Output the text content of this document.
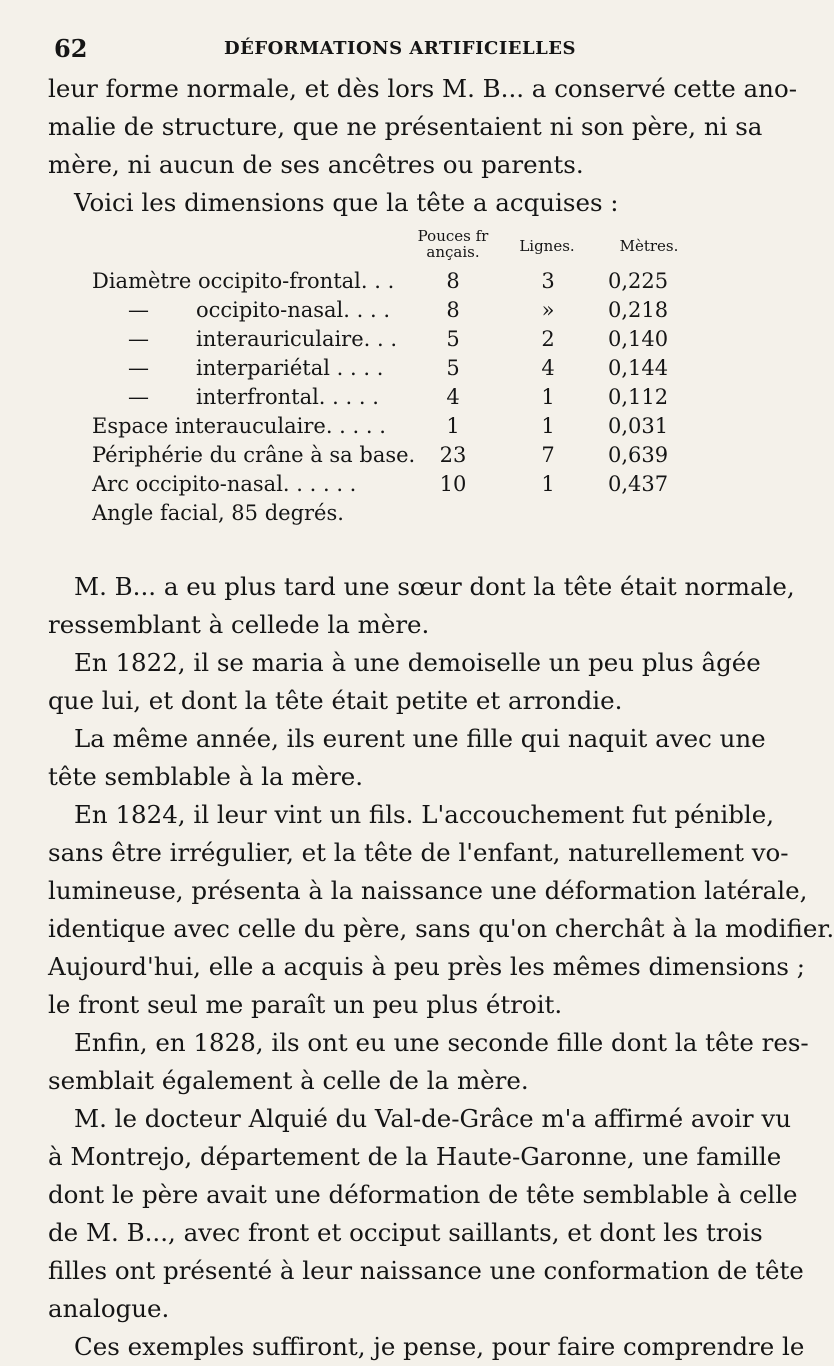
62	DÉFORMATIONS ARTIFICIELLES
leur forme normale, et dès lors M. B... a conservé cette ano-
malie de structure, que ne présentaient ni son père, ni sa
mère, ni aucun de ses ancêtres ou parents.
Voici les dimensions que la tête a acquises :
Pouces fr ançais.	Lignes.	Mètres.
Diamètre occipito-frontal. . .	8	3	0,225
— occipito-nasal. . . .	8	»	0,218
— interauriculaire. . .	5	2	0,140
— interpariétal . . . .	5	4	0,144
— interfrontal. . . . .	4	1	0,112
Espace interauculaire. . . . .	1	1	0,031
Périphérie du crâne à sa base.	23	7	0,639
Arc occipito-nasal. . . . . .	10	1	0,437
Angle facial, 85 degrés.
M. B... a eu plus tard une sœur dont la tête était normale,
ressemblant à cellede la mère.
En 1822, il se maria à une demoiselle un peu plus âgée
que lui, et dont la tête était petite et arrondie.
La même année, ils eurent une fille qui naquit avec une
tête semblable à la mère.
En 1824, il leur vint un fils. L'accouchement fut pénible,
sans être irrégulier, et la tête de l'enfant, naturellement vo-
lumineuse, présenta à la naissance une déformation latérale,
identique avec celle du père, sans qu'on cherchât à la modifier.
Aujourd'hui, elle a acquis à peu près les mêmes dimensions ;
le front seul me paraît un peu plus étroit.
Enfin, en 1828, ils ont eu une seconde fille dont la tête res-
semblait également à celle de la mère.
M. le docteur Alquié du Val-de-Grâce m'a affirmé avoir vu
à Montrejo, département de la Haute-Garonne, une famille
dont le père avait une déformation de tête semblable à celle
de M. B..., avec front et occiput saillants, et dont les trois
filles ont présenté à leur naissance une conformation de tête
analogue.
Ces exemples suffiront, je pense, pour faire comprendre le
